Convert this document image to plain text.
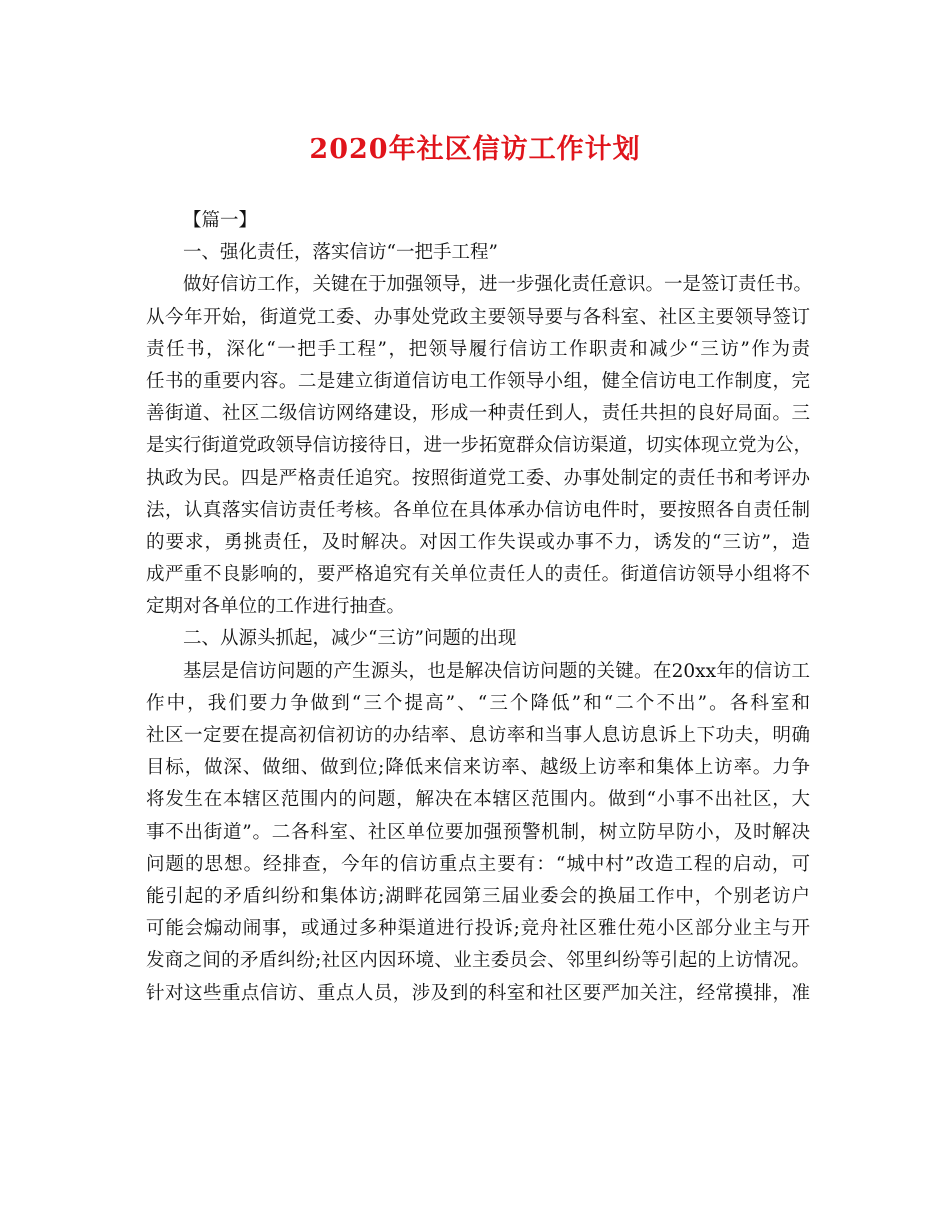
2020年社区信访工作计划
【篇一】
一、强化责任，落实信访“一把手工程”
做好信访工作，关键在于加强领导，进一步强化责任意识。一是签订责任书。
从今年开始，街道党工委、办事处党政主要领导要与各科室、社区主要领导签订
责任书，深化“一把手工程”，把领导履行信访工作职责和减少“三访”作为责
任书的重要内容。二是建立街道信访电工作领导小组，健全信访电工作制度，完
善街道、社区二级信访网络建设，形成一种责任到人，责任共担的良好局面。三
是实行街道党政领导信访接待日，进一步拓宽群众信访渠道，切实体现立党为公，
执政为民。四是严格责任追究。按照街道党工委、办事处制定的责任书和考评办
法，认真落实信访责任考核。各单位在具体承办信访电件时，要按照各自责任制
的要求，勇挑责任，及时解决。对因工作失误或办事不力，诱发的“三访”，造
成严重不良影响的，要严格追究有关单位责任人的责任。街道信访领导小组将不
定期对各单位的工作进行抽查。
二、从源头抓起，减少“三访”问题的出现
基层是信访问题的产生源头，也是解决信访问题的关键。在20xx年的信访工
作中，我们要力争做到“三个提高”、“三个降低”和“二个不出”。各科室和
社区一定要在提高初信初访的办结率、息访率和当事人息访息诉上下功夫，明确
目标，做深、做细、做到位;降低来信来访率、越级上访率和集体上访率。力争
将发生在本辖区范围内的问题，解决在本辖区范围内。做到“小事不出社区，大
事不出街道”。二各科室、社区单位要加强预警机制，树立防早防小，及时解决
问题的思想。经排查，今年的信访重点主要有：“城中村”改造工程的启动，可
能引起的矛盾纠纷和集体访;湖畔花园第三届业委会的换届工作中，个别老访户
可能会煽动闹事，或通过多种渠道进行投诉;竞舟社区雅仕苑小区部分业主与开
发商之间的矛盾纠纷;社区内因环境、业主委员会、邻里纠纷等引起的上访情况。
针对这些重点信访、重点人员，涉及到的科室和社区要严加关注，经常摸排，准
